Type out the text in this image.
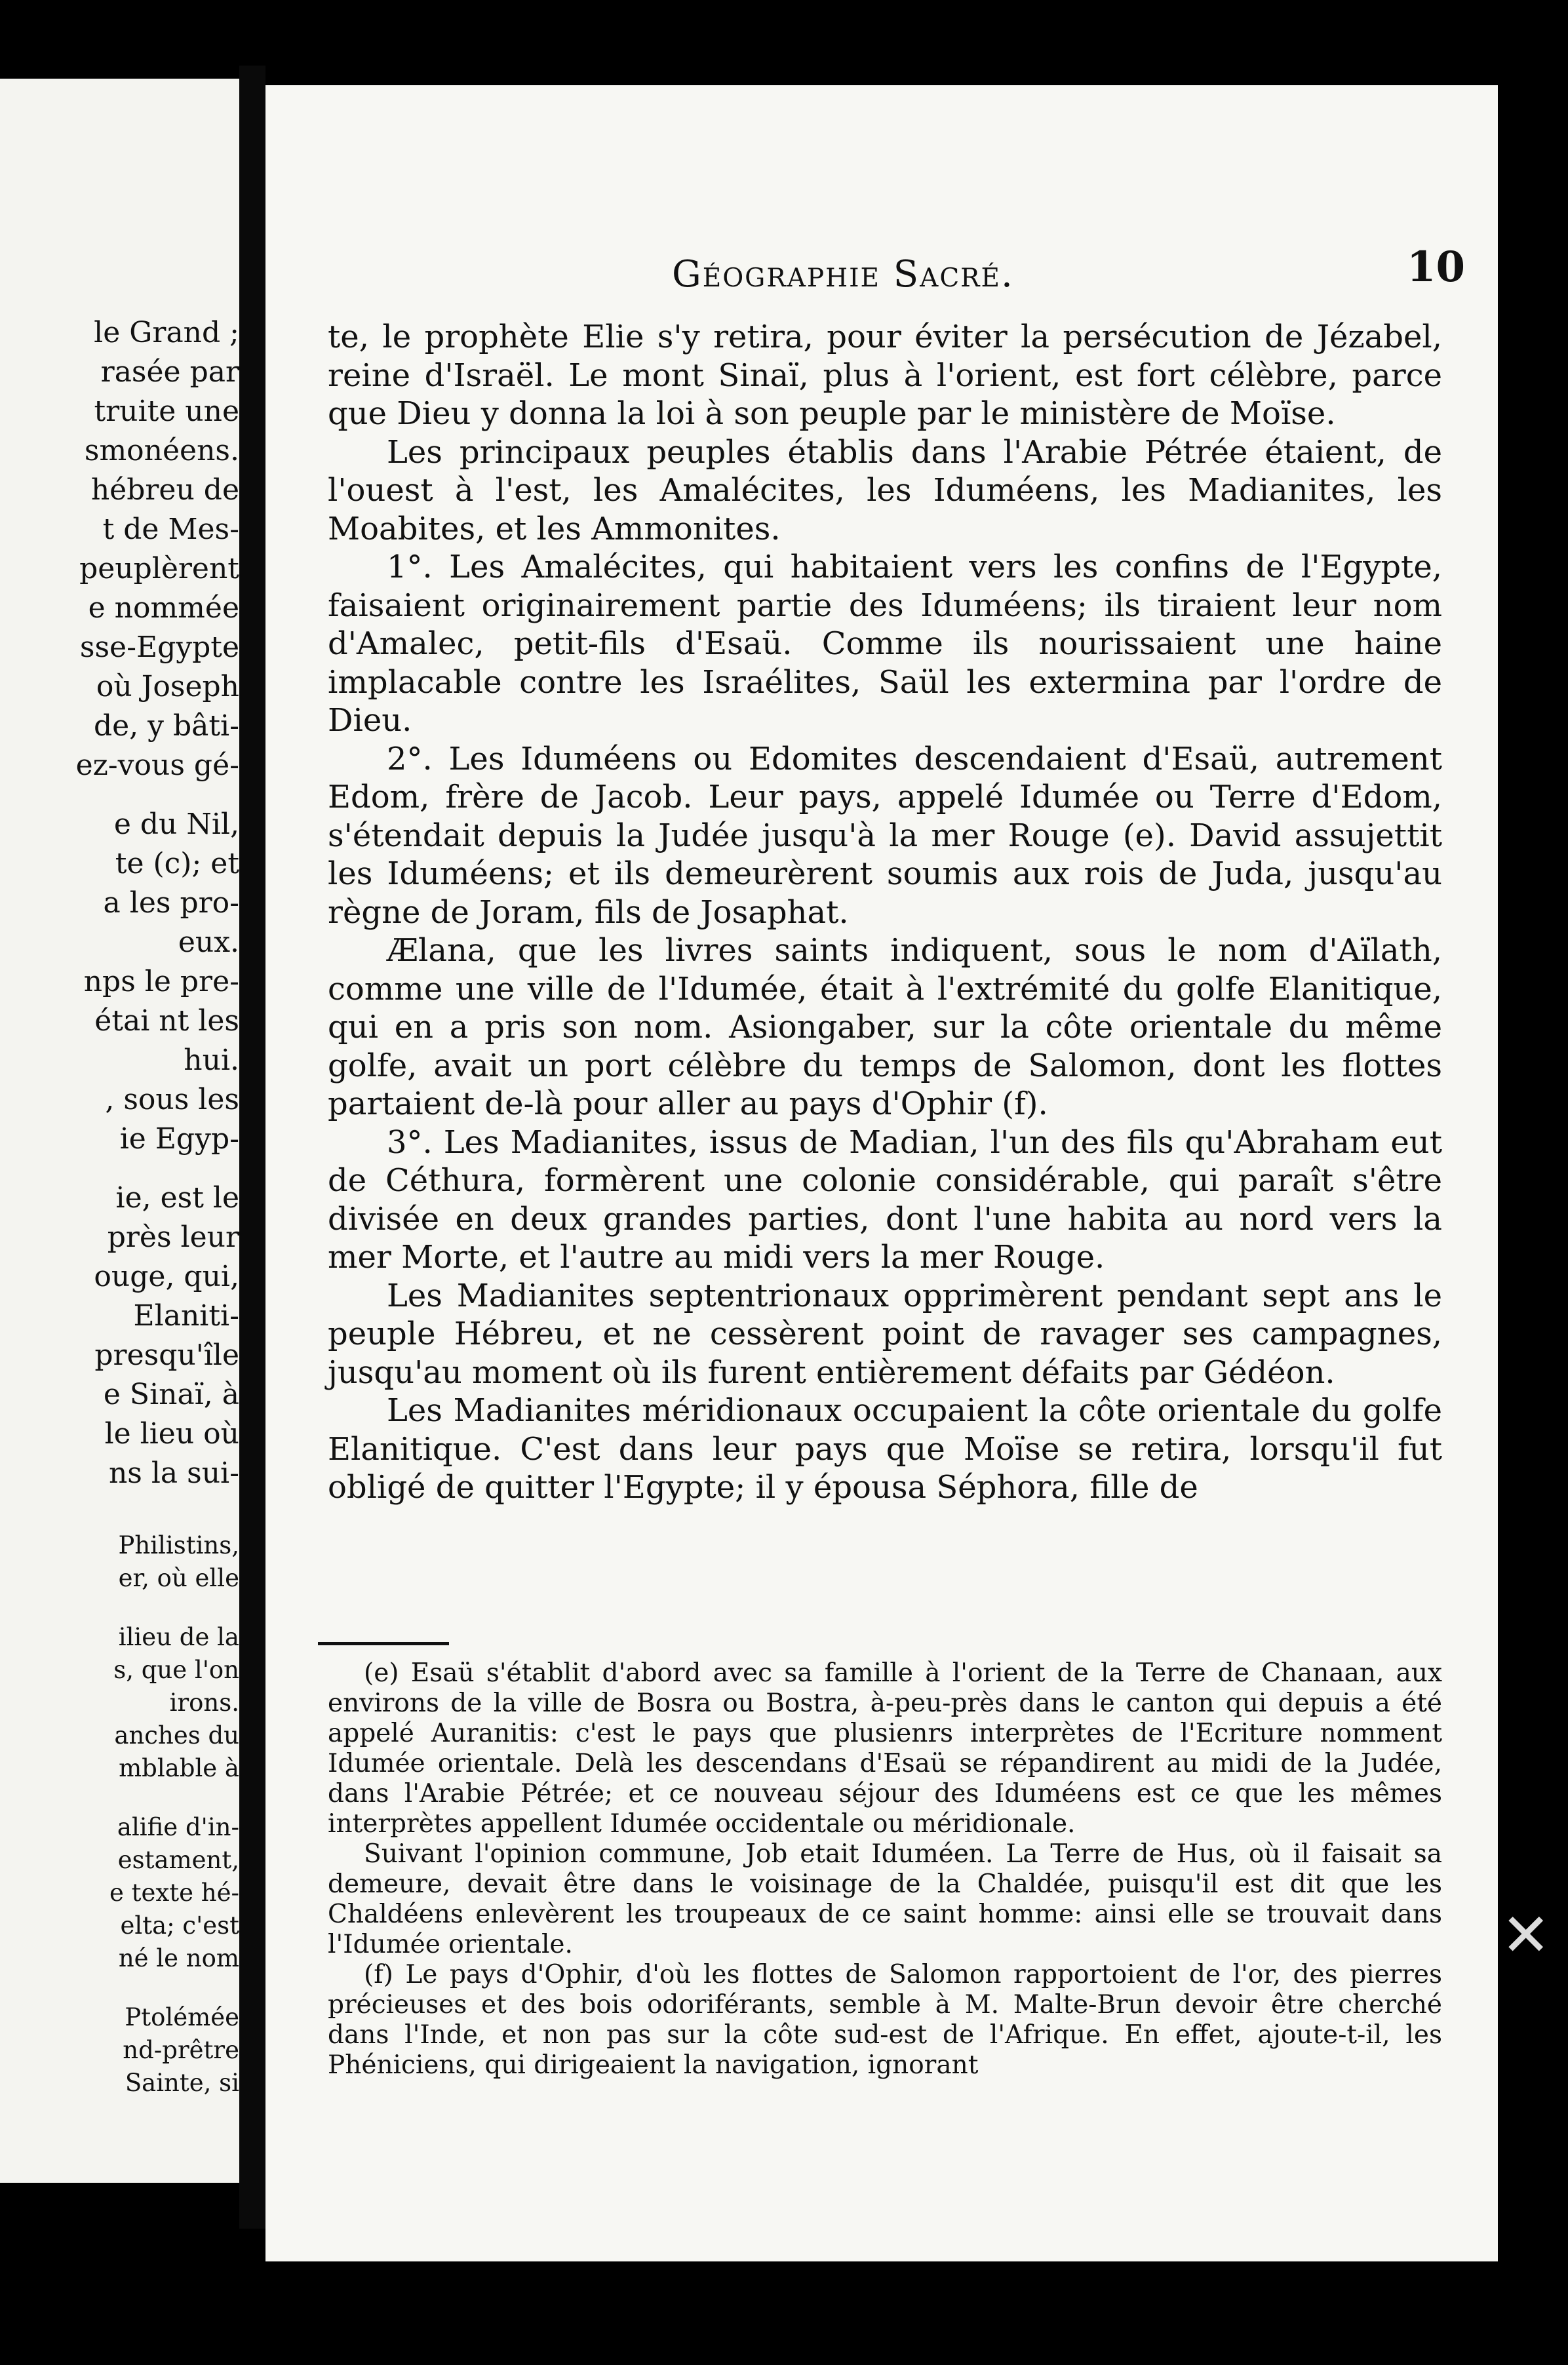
le Grand ;
rasée par
truite une
smonéens.
hébreu de
t de Mes-
peuplèrent
e nommée
sse-Egypte
où Joseph
de, y bâti-
ez-vous gé-
e du Nil,
te (c); et
a les pro-
eux.
nps le pre-
étai nt les
hui.
, sous les
ie Egyp-
ie, est le
près leur
ouge, qui,
Elaniti-
presqu'île
e Sinaï, à
le lieu où
ns la sui-
Philistins,
er, où elle
ilieu de la
s, que l'on
irons.
anches du
mblable à
alifie d'in-
estament,
e texte hé-
elta; c'est
né le nom
Ptolémée
nd-prêtre
Sainte, si
Géographie Sacré.	10

te, le prophète Elie s'y retira, pour éviter la persécution de Jézabel, reine d'Israël. Le mont Sinaï, plus à l'orient, est fort célèbre, parce que Dieu y donna la loi à son peuple par le ministère de Moïse.

Les principaux peuples établis dans l'Arabie Pétrée étaient, de l'ouest à l'est, les Amalécites, les Iduméens, les Madianites, les Moabites, et les Ammonites.

1°. Les Amalécites, qui habitaient vers les confins de l'Egypte, faisaient originairement partie des Iduméens; ils tiraient leur nom d'Amalec, petit-fils d'Esaü. Comme ils nourissaient une haine implacable contre les Israélites, Saül les extermina par l'ordre de Dieu.

2°. Les Iduméens ou Edomites descendaient d'Esaü, autrement Edom, frère de Jacob. Leur pays, appelé Idumée ou Terre d'Edom, s'étendait depuis la Judée jusqu'à la mer Rouge (e). David assujettit les Iduméens; et ils demeurèrent soumis aux rois de Juda, jusqu'au règne de Joram, fils de Josaphat.

Ælana, que les livres saints indiquent, sous le nom d'Aïlath, comme une ville de l'Idumée, était à l'extrémité du golfe Elanitique, qui en a pris son nom. Asiongaber, sur la côte orientale du même golfe, avait un port célèbre du temps de Salomon, dont les flottes partaient de-là pour aller au pays d'Ophir (f).

3°. Les Madianites, issus de Madian, l'un des fils qu'Abraham eut de Céthura, formèrent une colonie considérable, qui paraît s'être divisée en deux grandes parties, dont l'une habita au nord vers la mer Morte, et l'autre au midi vers la mer Rouge.

Les Madianites septentrionaux opprimèrent pendant sept ans le peuple Hébreu, et ne cessèrent point de ravager ses campagnes, jusqu'au moment où ils furent entièrement défaits par Gédéon.

Les Madianites méridionaux occupaient la côte orientale du golfe Elanitique. C'est dans leur pays que Moïse se retira, lorsqu'il fut obligé de quitter l'Egypte; il y épousa Séphora, fille de

(e) Esaü s'établit d'abord avec sa famille à l'orient de la Terre de Chanaan, aux environs de la ville de Bosra ou Bostra, à-peu-près dans le canton qui depuis a été appelé Auranitis: c'est le pays que plusienrs interprètes de l'Ecriture nomment Idumée orientale. Delà les descendans d'Esaü se répandirent au midi de la Judée, dans l'Arabie Pétrée; et ce nouveau séjour des Iduméens est ce que les mêmes interprètes appellent Idumée occidentale ou méridionale.

Suivant l'opinion commune, Job etait Iduméen. La Terre de Hus, où il faisait sa demeure, devait être dans le voisinage de la Chaldée, puisqu'il est dit que les Chaldéens enlevèrent les troupeaux de ce saint homme: ainsi elle se trouvait dans l'Idumée orientale.

(f) Le pays d'Ophir, d'où les flottes de Salomon rapportoient de l'or, des pierres précieuses et des bois odoriférants, semble à M. Malte-Brun devoir être cherché dans l'Inde, et non pas sur la côte sud-est de l'Afrique. En effet, ajoute-t-il, les Phéniciens, qui dirigeaient la navigation, ignorant

✕
